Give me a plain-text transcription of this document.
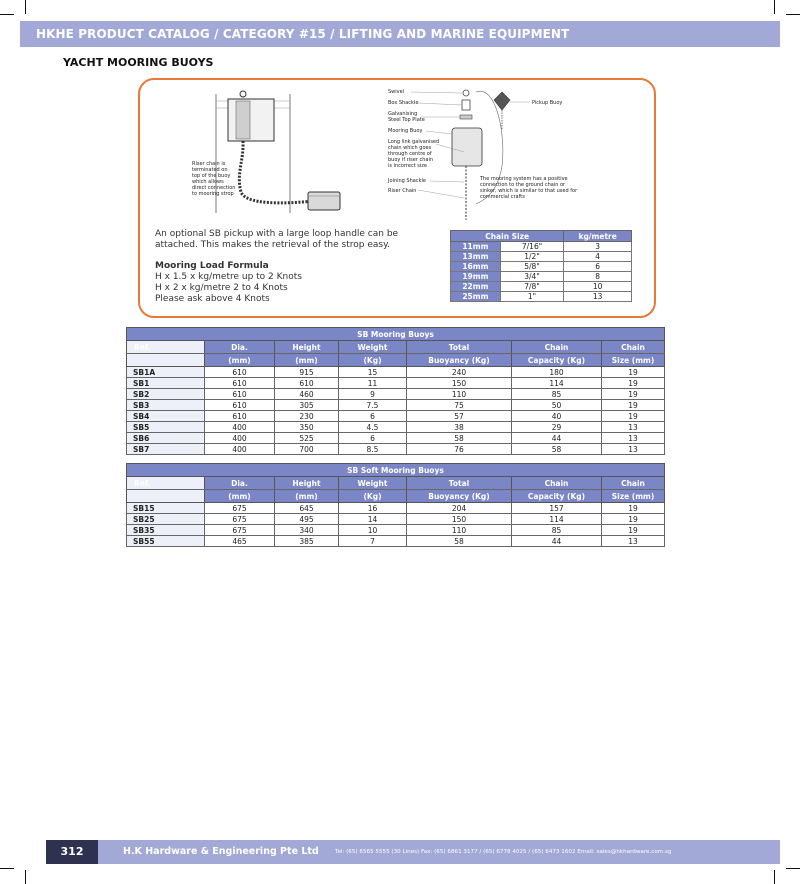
HKHE PRODUCT CATALOG / CATEGORY #15 / LIFTING AND MARINE EQUIPMENT
YACHT MOORING BUOYS
Riser chain is
terminated on
top of the buoy
which allows
direct connection
to mooring strop
Swivel
Box Shackle
Galvanising
Steel Top Plate
Mooring Buoy
Long link galvanised
chain which goes
through centre of
buoy if riser chain
is incorrect size
Joining Shackle
Riser Chain
Pickup Buoy
The mooring system has a positive
connection to the ground chain or
sinker, which is similar to that used for
commercial crafts
An optional SB pickup with a large loop handle can be
attached. This makes the retrieval of the strop easy.
Mooring Load Formula
H x 1.5 x kg/metre up to 2 Knots
H x 2 x kg/metre 2 to 4 Knots
Please ask above 4 Knots
Chain Size		kg/metre
11mm	7/16"	3
13mm	1/2"	4
16mm	5/8"	6
19mm	3/4"	8
22mm	7/8"	10
25mm	1"	13
SB Mooring Buoys						
Ref.	Dia.	Height	Weight	Total	Chain	Chain
	(mm)	(mm)	(Kg)	Buoyancy (Kg)	Capacity (Kg)	Size (mm)
SB1A	610	915	15	240	180	19
SB1	610	610	11	150	114	19
SB2	610	460	9	110	85	19
SB3	610	305	7.5	75	50	19
SB4	610	230	6	57	40	19
SB5	400	350	4.5	38	29	13
SB6	400	525	6	58	44	13
SB7	400	700	8.5	76	58	13
SB Soft Mooring Buoys						
Ref.	Dia.	Height	Weight	Total	Chain	Chain
	(mm)	(mm)	(Kg)	Buoyancy (Kg)	Capacity (Kg)	Size (mm)
SB15	675	645	16	204	157	19
SB25	675	495	14	150	114	19
SB35	675	340	10	110	85	19
SB55	465	385	7	58	44	13
312	H.K Hardware & Engineering Pte Ltd	Tel: (65) 6565 5555 (30 Lines) Fax: (65) 6861 3177 / (65) 6778 4025 / (65) 6473 1602 Email: sales@hkhardware.com.sg
